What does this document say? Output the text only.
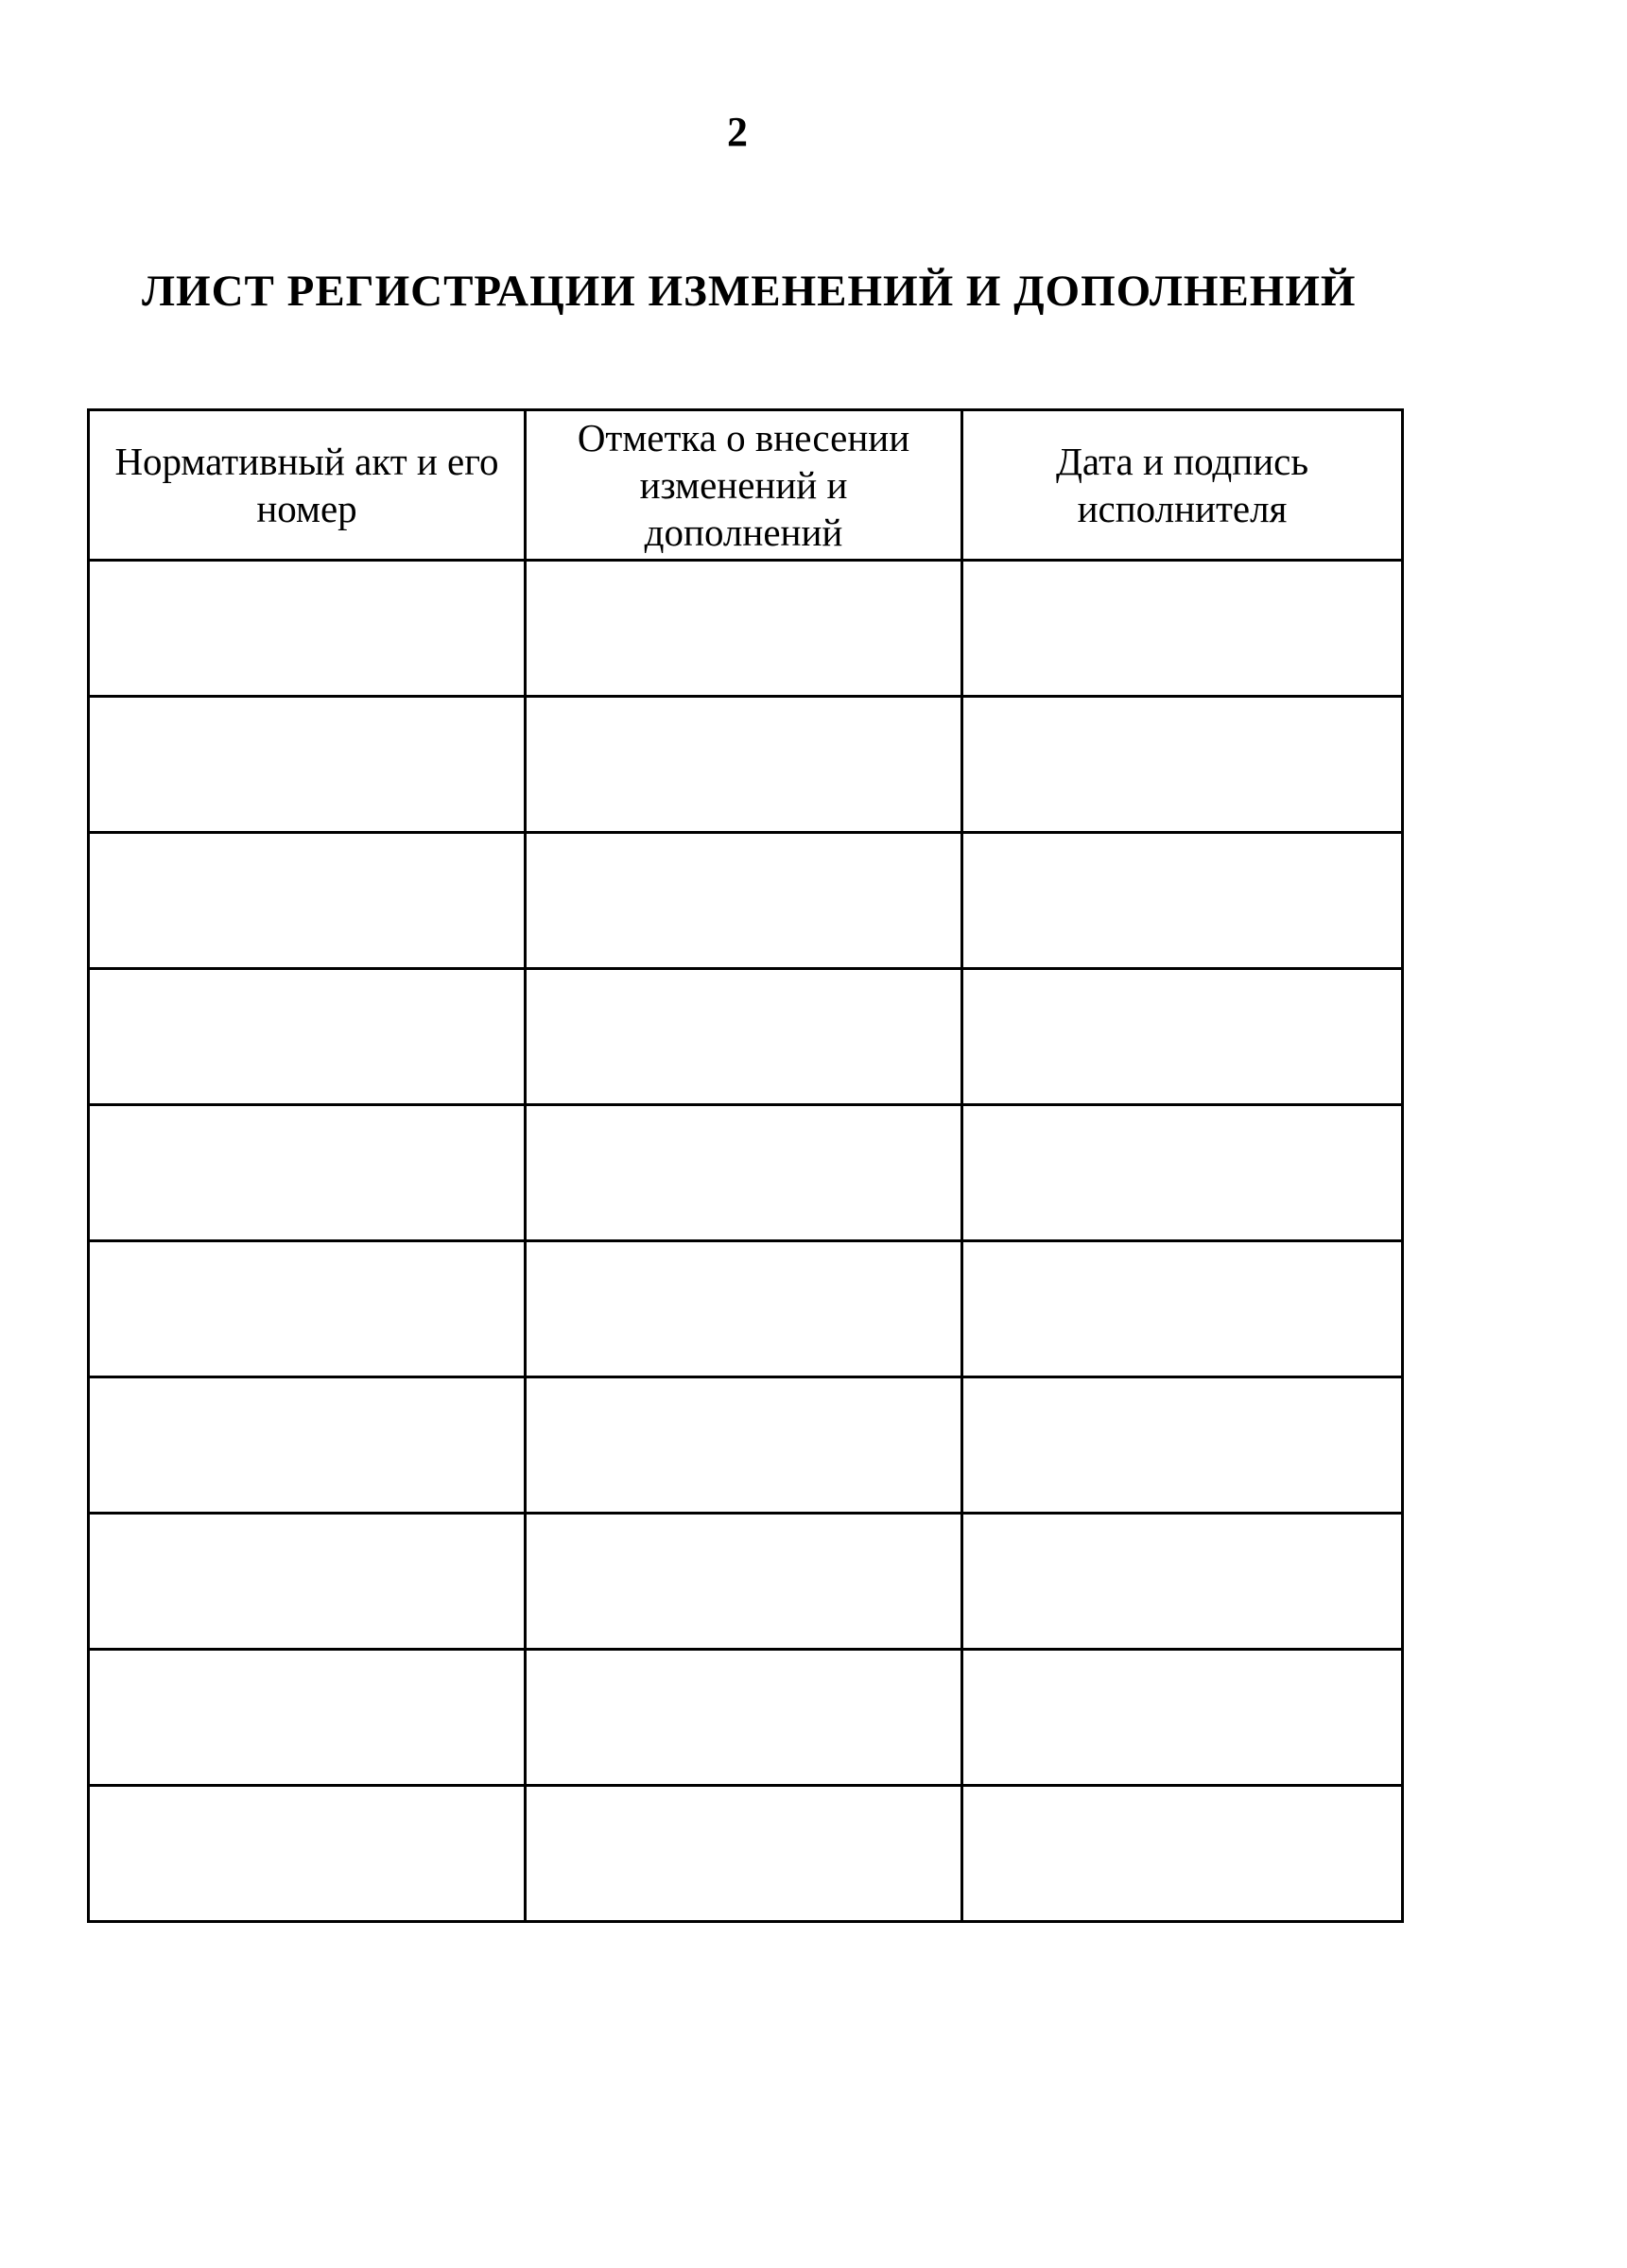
2
ЛИСТ РЕГИСТРАЦИИ ИЗМЕНЕНИЙ И ДОПОЛНЕНИЙ
Нормативный акт и его номер	Отметка о внесении изменений и дополнений	Дата и подпись исполнителя
